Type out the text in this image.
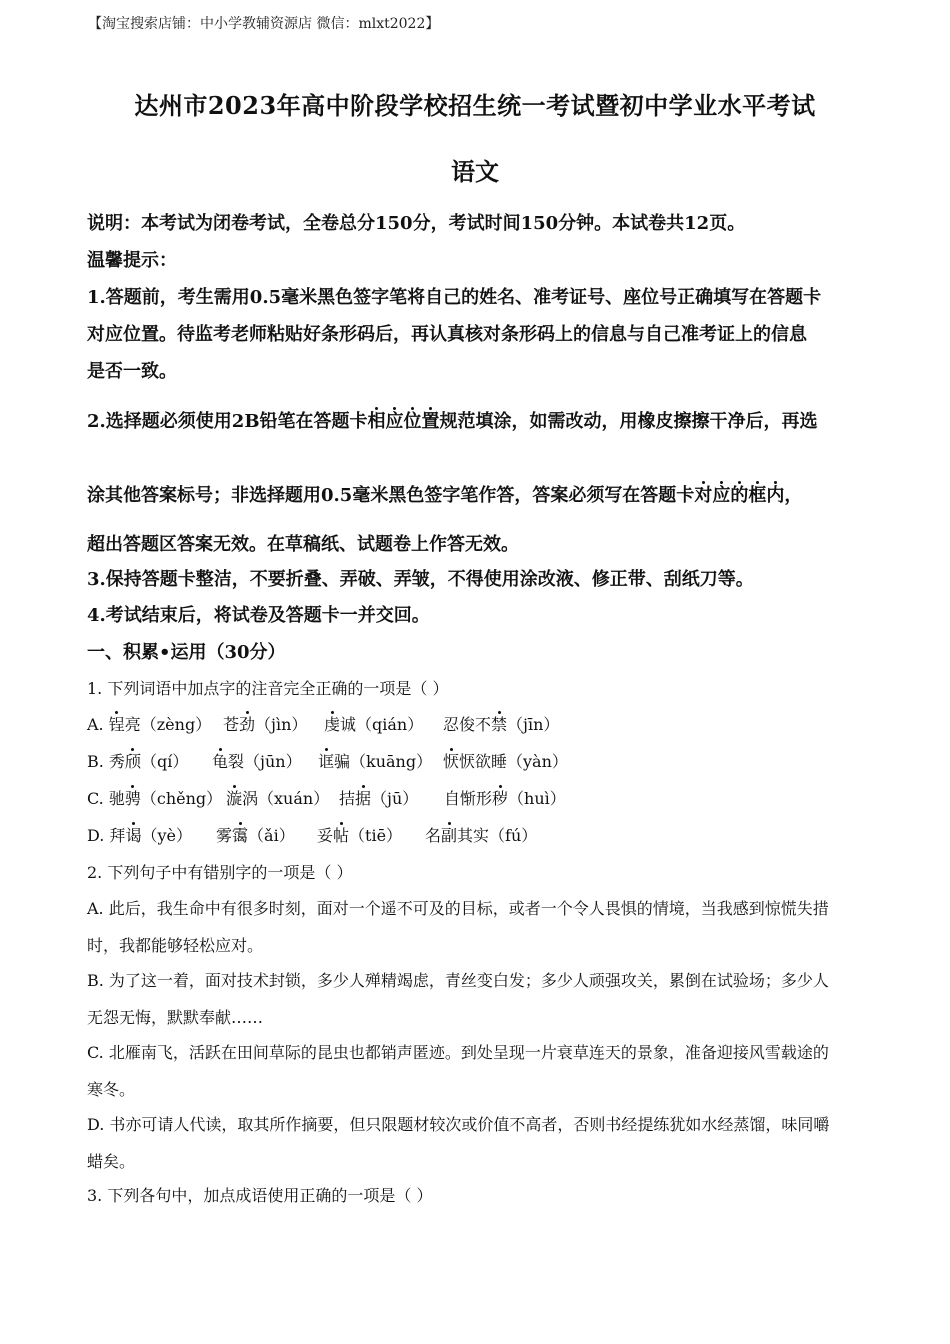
【淘宝搜索店铺：中小学教辅资源店 微信：mlxt2022】
达州市2023年高中阶段学校招生统一考试暨初中学业水平考试
语文
说明：本考试为闭卷考试，全卷总分150分，考试时间150分钟。本试卷共12页。
温馨提示：
1.答题前，考生需用0.5毫米黑色签字笔将自己的姓名、准考证号、座位号正确填写在答题卡
对应位置。待监考老师粘贴好条形码后，再认真核对条形码上的信息与自己准考证上的信息
是否一致。
2.选择题必须使用2B铅笔在答题卡相应位置规范填涂，如需改动，用橡皮擦擦干净后，再选
涂其他答案标号；非选择题用0.5毫米黑色签字笔作答，答案必须写在答题卡对应的框内，
超出答题区答案无效。在草稿纸、试题卷上作答无效。
3.保持答题卡整洁，不要折叠、弄破、弄皱，不得使用涂改液、修正带、刮纸刀等。
4.考试结束后，将试卷及答题卡一并交回。
一、积累•运用（30分）
1. 下列词语中加点字的注音完全正确的一项是（ ）
A. 锃亮（zèng） 苍劲（jìn） 虔诚（qián） 忍俊不禁（jīn）
B. 秀颀（qí） 龟裂（jūn） 诓骗（kuāng） 恹恹欲睡（yàn）
C. 驰骋（chěng） 漩涡（xuán） 拮据（jū） 自惭形秽（huì）
D. 拜谒（yè） 雾霭（ǎi） 妥帖（tiē） 名副其实（fú）
2. 下列句子中有错别字的一项是（ ）
A. 此后，我生命中有很多时刻，面对一个遥不可及的目标，或者一个令人畏惧的情境，当我感到惊慌失措
时，我都能够轻松应对。
B. 为了这一着，面对技术封锁，多少人殚精竭虑，青丝变白发；多少人顽强攻关，累倒在试验场；多少人
无怨无悔，默默奉献……
C. 北雁南飞，活跃在田间草际的昆虫也都销声匿迹。到处呈现一片衰草连天的景象，准备迎接风雪载途的
寒冬。
D. 书亦可请人代读，取其所作摘要，但只限题材较次或价值不高者，否则书经提练犹如水经蒸馏，味同嚼
蜡矣。
3. 下列各句中，加点成语使用正确的一项是（ ）
